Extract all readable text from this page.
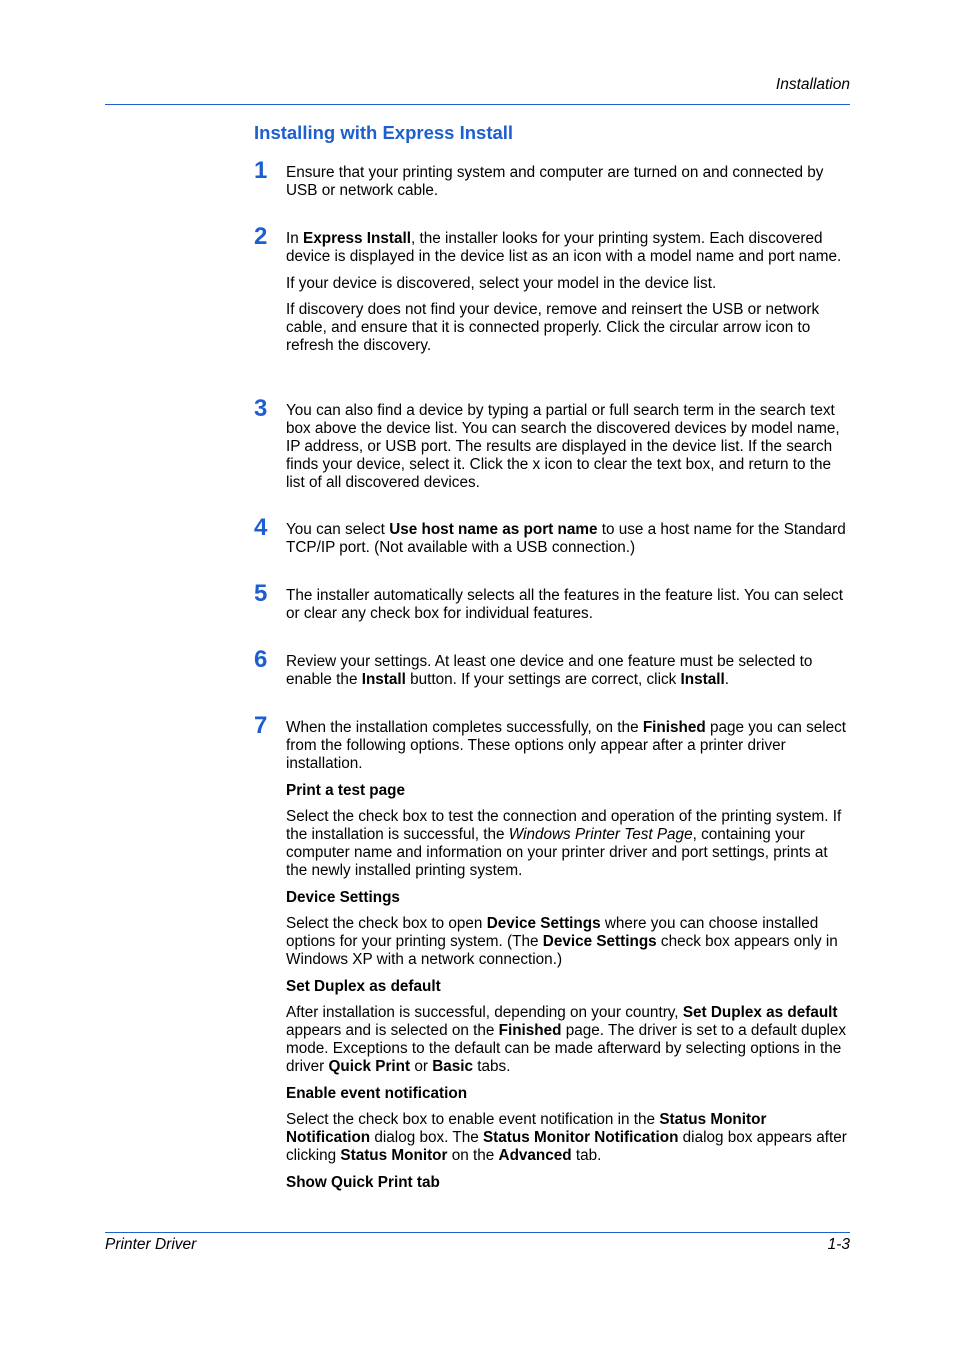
Installation
Installing with Express Install
1 Ensure that your printing system and computer are turned on and connected by USB or network cable.

2 In Express Install, the installer looks for your printing system. Each discovered device is displayed in the device list as an icon with a model name and port name.

If your device is discovered, select your model in the device list.

If discovery does not find your device, remove and reinsert the USB or network cable, and ensure that it is connected properly. Click the circular arrow icon to refresh the discovery.

3 You can also find a device by typing a partial or full search term in the search text box above the device list. You can search the discovered devices by model name, IP address, or USB port. The results are displayed in the device list. If the search finds your device, select it. Click the x icon to clear the text box, and return to the list of all discovered devices.

4 You can select Use host name as port name to use a host name for the Standard TCP/IP port. (Not available with a USB connection.)

5 The installer automatically selects all the features in the feature list. You can select or clear any check box for individual features.

6 Review your settings. At least one device and one feature must be selected to enable the Install button. If your settings are correct, click Install.

7 When the installation completes successfully, on the Finished page you can select from the following options. These options only appear after a printer driver installation.

Print a test page

Select the check box to test the connection and operation of the printing system. If the installation is successful, the Windows Printer Test Page, containing your computer name and information on your printer driver and port settings, prints at the newly installed printing system.

Device Settings

Select the check box to open Device Settings where you can choose installed options for your printing system. (The Device Settings check box appears only in Windows XP with a network connection.)

Set Duplex as default

After installation is successful, depending on your country, Set Duplex as default appears and is selected on the Finished page. The driver is set to a default duplex mode. Exceptions to the default can be made afterward by selecting options in the driver Quick Print or Basic tabs.

Enable event notification

Select the check box to enable event notification in the Status Monitor Notification dialog box. The Status Monitor Notification dialog box appears after clicking Status Monitor on the Advanced tab.

Show Quick Print tab

Printer Driver	1-3
